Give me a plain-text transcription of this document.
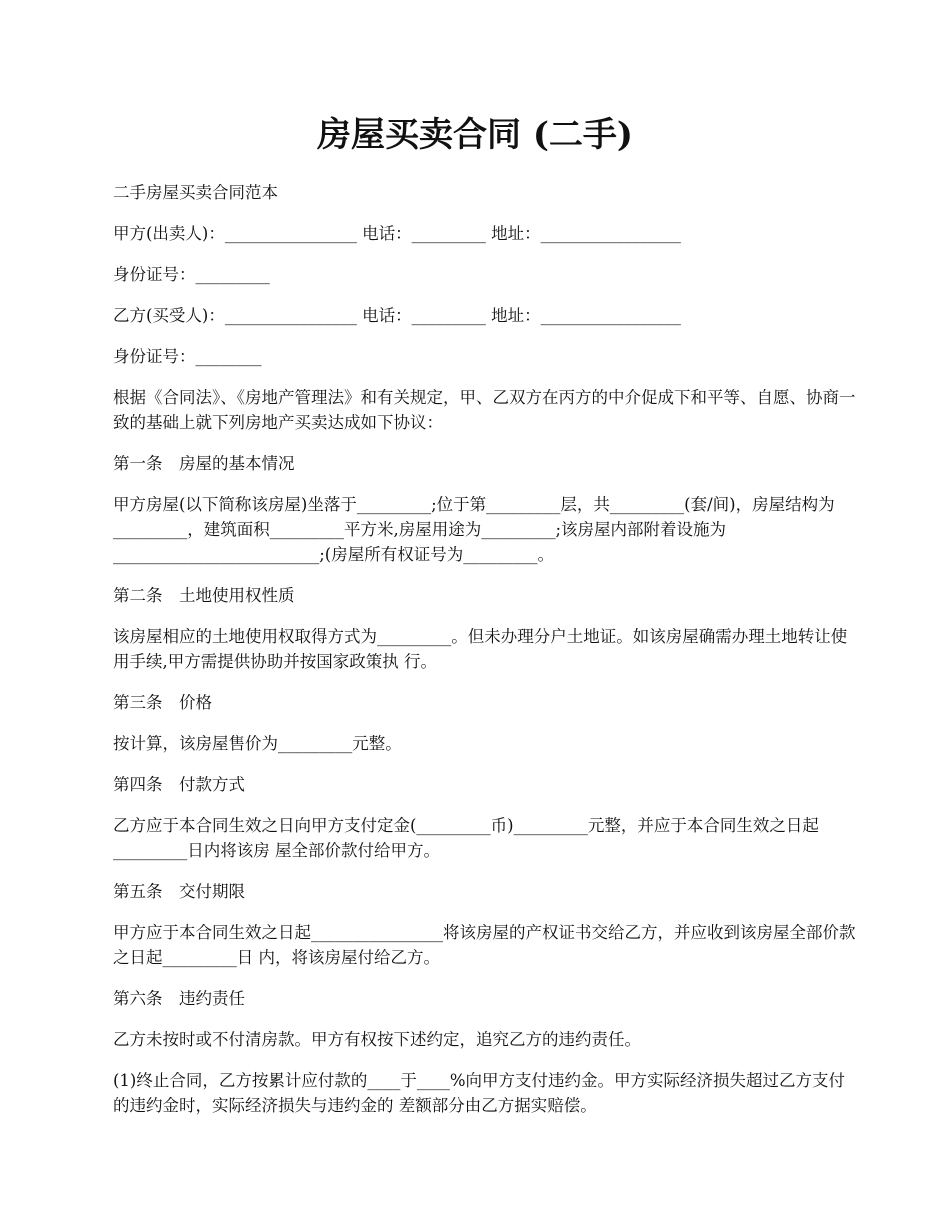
房屋买卖合同 (二手)

二手房屋买卖合同范本

甲方(出卖人)：________________ 电话：_________ 地址：_________________

身份证号：_________

乙方(买受人)：________________ 电话：_________ 地址：_________________

身份证号：________

根据《合同法》、《房地产管理法》和有关规定，甲、乙双方在丙方的中介促成下和平等、自愿、协商一致的基础上就下列房地产买卖达成如下协议：

第一条　房屋的基本情况

甲方房屋(以下简称该房屋)坐落于_________;位于第_________层，共_________(套/间)，房屋结构为 _________，建筑面积_________平方米,房屋用途为_________;该房屋内部附着设施为 _________________________;(房屋所有权证号为_________。

第二条　土地使用权性质

该房屋相应的土地使用权取得方式为_________。但未办理分户土地证。如该房屋确需办理土地转让使用手续,甲方需提供协助并按国家政策执 行。

第三条　价格

按计算，该房屋售价为_________元整。

第四条　付款方式

乙方应于本合同生效之日向甲方支付定金(_________币)_________元整，并应于本合同生效之日起_________日内将该房 屋全部价款付给甲方。

第五条　交付期限

甲方应于本合同生效之日起________________将该房屋的产权证书交给乙方，并应收到该房屋全部价款之日起_________日 内，将该房屋付给乙方。

第六条　违约责任

乙方未按时或不付清房款。甲方有权按下述约定，追究乙方的违约责任。

(1)终止合同，乙方按累计应付款的____于____%向甲方支付违约金。甲方实际经济损失超过乙方支付的违约金时，实际经济损失与违约金的 差额部分由乙方据实赔偿。
